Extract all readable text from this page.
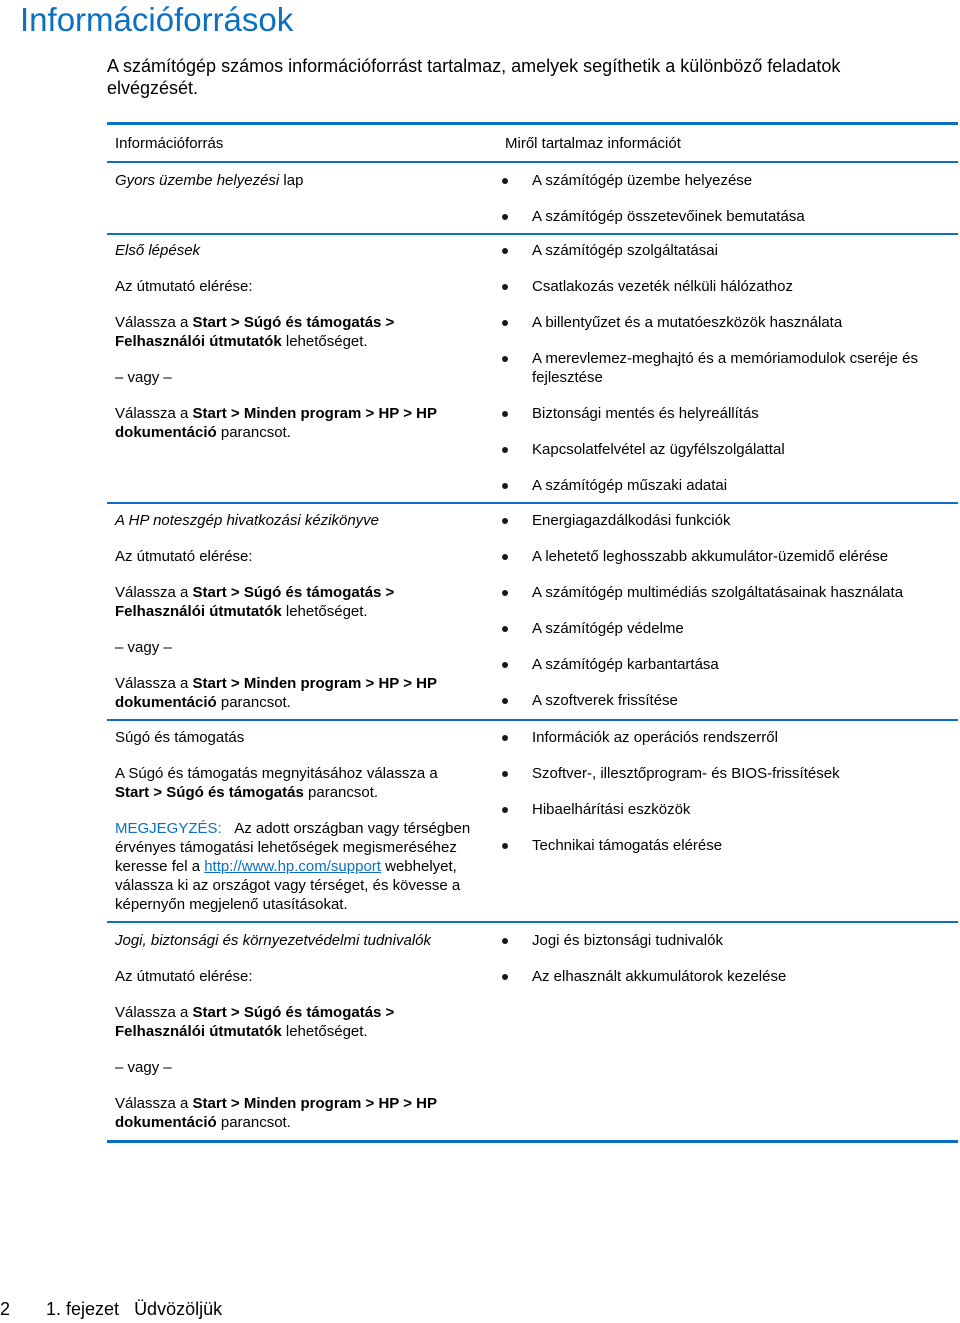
Információforrások
A számítógép számos információforrást tartalmaz, amelyek segíthetik a különböző feladatok elvégzését.
Információforrás	Miről tartalmaz információt

Gyors üzembe helyezési lap	A számítógép üzembe helyezése
A számítógép összetevőinek bemutatása

Első lépések

Az útmutató elérése:

Válassza a Start > Súgó és támogatás >
Felhasználói útmutatók lehetőséget.

– vagy –

Válassza a Start > Minden program > HP > HP
dokumentáció parancsot.

A számítógép szolgáltatásai
Csatlakozás vezeték nélküli hálózathoz
A billentyűzet és a mutatóeszközök használata
A merevlemez-meghajtó és a memóriamodulok cseréje és fejlesztése
Biztonsági mentés és helyreállítás
Kapcsolatfelvétel az ügyfélszolgálattal
A számítógép műszaki adatai

A HP noteszgép hivatkozási kézikönyve

Az útmutató elérése:

Válassza a Start > Súgó és támogatás >
Felhasználói útmutatók lehetőséget.

– vagy –

Válassza a Start > Minden program > HP > HP
dokumentáció parancsot.

Energiagazdálkodási funkciók
A lehetető leghosszabb akkumulátor-üzemidő elérése
A számítógép multimédiás szolgáltatásainak használata
A számítógép védelme
A számítógép karbantartása
A szoftverek frissítése

Súgó és támogatás

A Súgó és támogatás megnyitásához válassza a
Start > Súgó és támogatás parancsot.

MEGJEGYZÉS: Az adott országban vagy térségben érvényes támogatási lehetőségek megismeréséhez keresse fel a http://www.hp.com/support webhelyet, válassza ki az országot vagy térséget, és kövesse a képernyőn megjelenő utasításokat.

Információk az operációs rendszerről
Szoftver-, illesztőprogram- és BIOS-frissítések
Hibaelhárítási eszközök
Technikai támogatás elérése

Jogi, biztonsági és környezetvédelmi tudnivalók

Az útmutató elérése:

Válassza a Start > Súgó és támogatás >
Felhasználói útmutatók lehetőséget.

– vagy –

Válassza a Start > Minden program > HP > HP
dokumentáció parancsot.

Jogi és biztonsági tudnivalók
Az elhasznált akkumulátorok kezelése
2 1. fejezet Üdvözöljük
